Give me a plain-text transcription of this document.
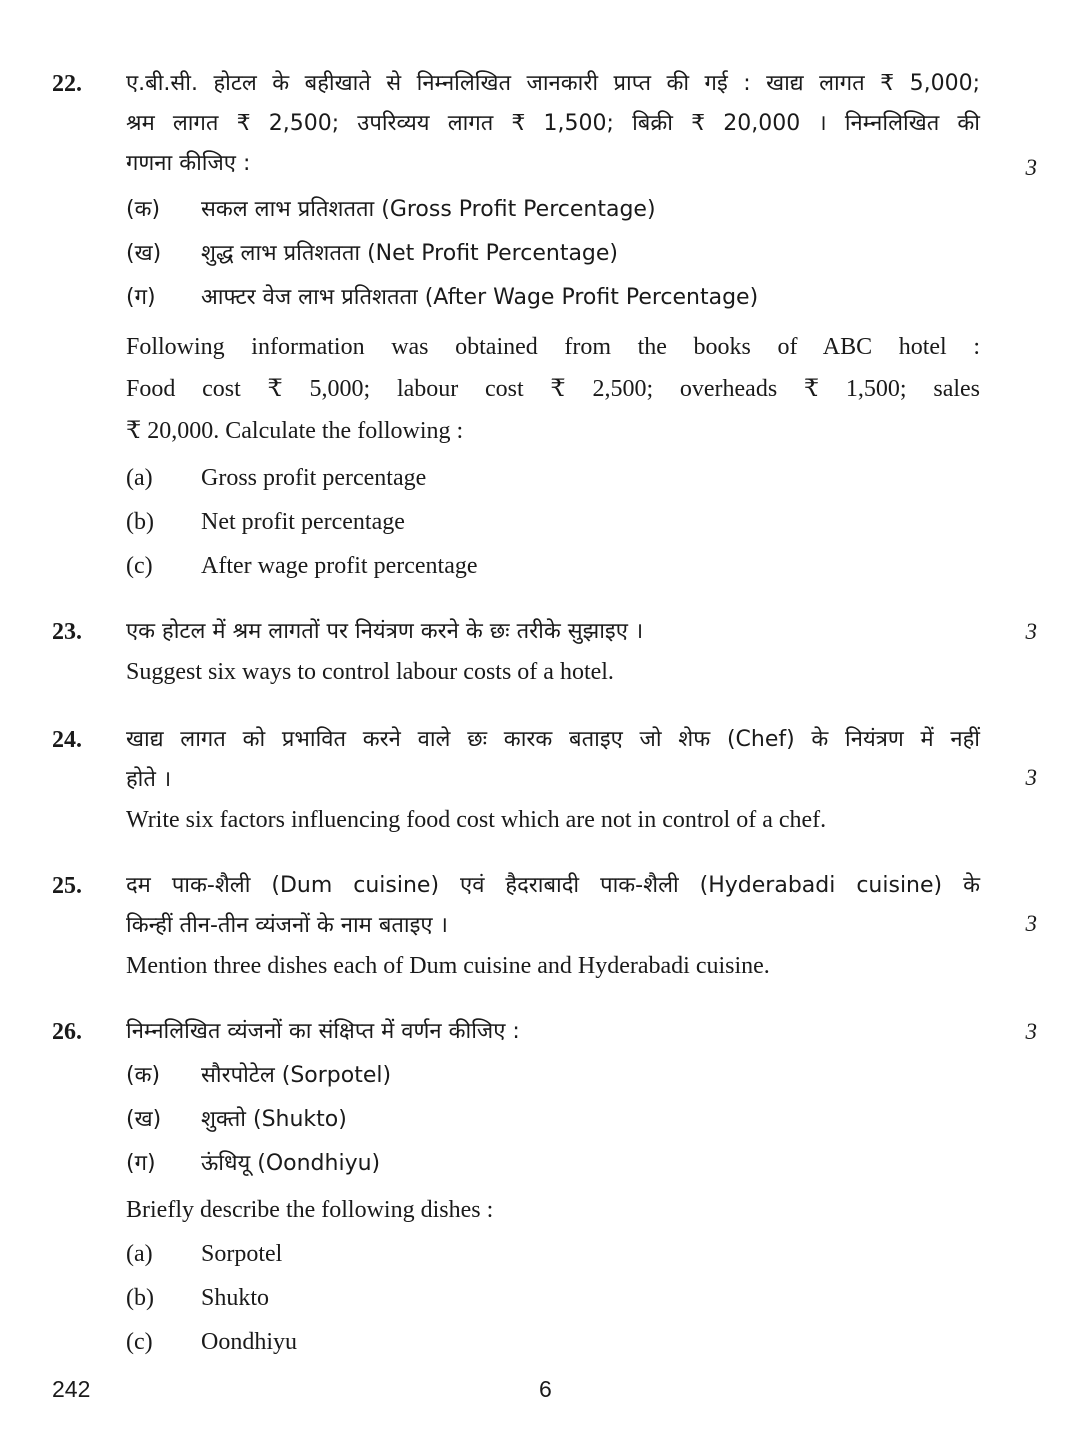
22.
3
ए.बी.सी. होटल के बहीखाते से निम्नलिखित जानकारी प्राप्त की गई : खाद्य लागत ₹ 5,000;
श्रम लागत ₹ 2,500; उपरिव्यय लागत ₹ 1,500; बिक्री ₹ 20,000 । निम्नलिखित की
गणना कीजिए :
(क) सकल लाभ प्रतिशतता (Gross Profit Percentage)
(ख) शुद्ध लाभ प्रतिशतता (Net Profit Percentage)
(ग) आफ्टर वेज लाभ प्रतिशतता (After Wage Profit Percentage)
Following information was obtained from the books of ABC hotel :
Food cost ₹ 5,000; labour cost ₹ 2,500; overheads ₹ 1,500; sales
₹ 20,000. Calculate the following :
(a) Gross profit percentage
(b) Net profit percentage
(c) After wage profit percentage
23.	3
एक होटल में श्रम लागतों पर नियंत्रण करने के छः तरीके सुझाइए ।
Suggest six ways to control labour costs of a hotel.
24.
3
खाद्य लागत को प्रभावित करने वाले छः कारक बताइए जो शेफ (Chef) के नियंत्रण में नहीं
होते ।
Write six factors influencing food cost which are not in control of a chef.
25.
3
दम पाक-शैली (Dum cuisine) एवं हैदराबादी पाक-शैली (Hyderabadi cuisine) के
किन्हीं तीन-तीन व्यंजनों के नाम बताइए ।
Mention three dishes each of Dum cuisine and Hyderabadi cuisine.
26.	3
निम्नलिखित व्यंजनों का संक्षिप्त में वर्णन कीजिए :
(क) सौरपोटेल (Sorpotel)
(ख) शुक्तो (Shukto)
(ग) ऊंधियू (Oondhiyu)
Briefly describe the following dishes :
(a) Sorpotel
(b) Shukto
(c) Oondhiyu
242	6
